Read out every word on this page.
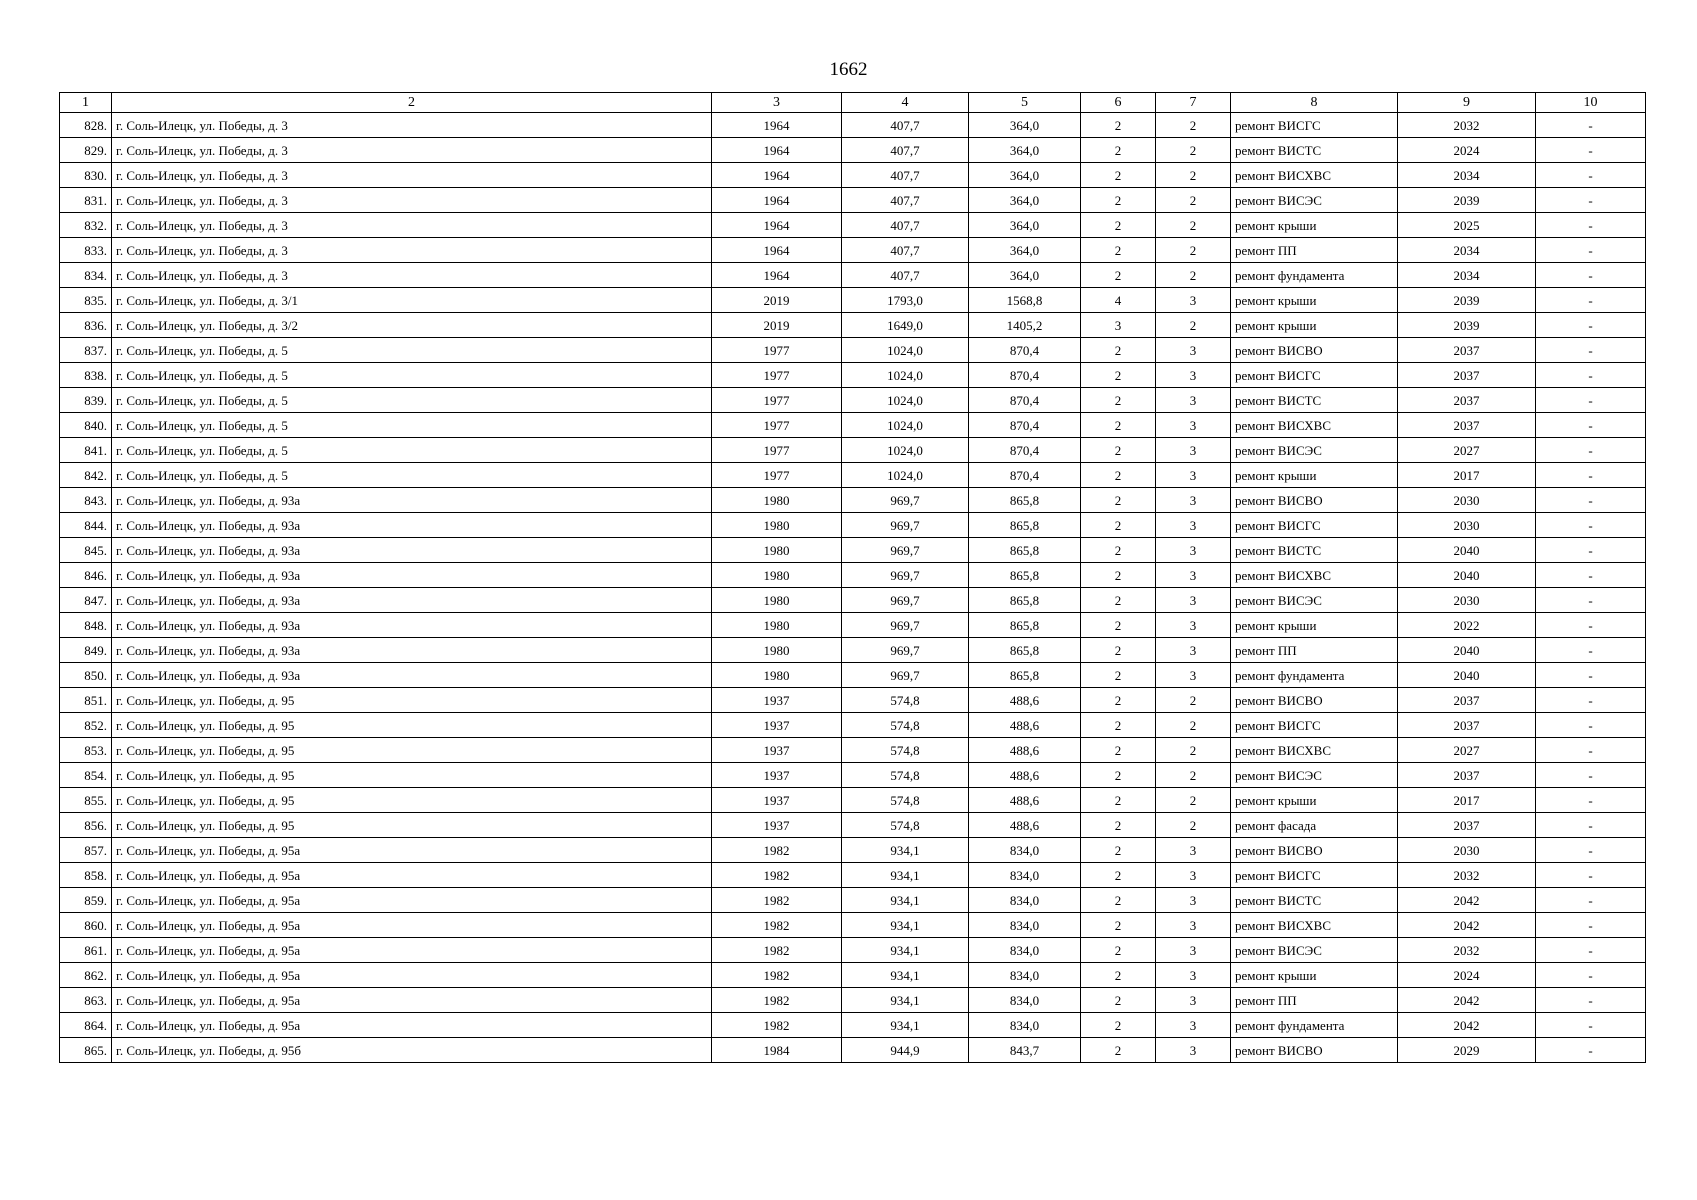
1662
1	2	3	4	5	6	7	8	9	10
828.	г. Соль-Илецк, ул. Победы, д. 3	1964	407,7	364,0	2	2	ремонт ВИСГС	2032	-
829.	г. Соль-Илецк, ул. Победы, д. 3	1964	407,7	364,0	2	2	ремонт ВИСТС	2024	-
830.	г. Соль-Илецк, ул. Победы, д. 3	1964	407,7	364,0	2	2	ремонт ВИСХВС	2034	-
831.	г. Соль-Илецк, ул. Победы, д. 3	1964	407,7	364,0	2	2	ремонт ВИСЭС	2039	-
832.	г. Соль-Илецк, ул. Победы, д. 3	1964	407,7	364,0	2	2	ремонт крыши	2025	-
833.	г. Соль-Илецк, ул. Победы, д. 3	1964	407,7	364,0	2	2	ремонт ПП	2034	-
834.	г. Соль-Илецк, ул. Победы, д. 3	1964	407,7	364,0	2	2	ремонт фундамента	2034	-
835.	г. Соль-Илецк, ул. Победы, д. 3/1	2019	1793,0	1568,8	4	3	ремонт крыши	2039	-
836.	г. Соль-Илецк, ул. Победы, д. 3/2	2019	1649,0	1405,2	3	2	ремонт крыши	2039	-
837.	г. Соль-Илецк, ул. Победы, д. 5	1977	1024,0	870,4	2	3	ремонт ВИСВО	2037	-
838.	г. Соль-Илецк, ул. Победы, д. 5	1977	1024,0	870,4	2	3	ремонт ВИСГС	2037	-
839.	г. Соль-Илецк, ул. Победы, д. 5	1977	1024,0	870,4	2	3	ремонт ВИСТС	2037	-
840.	г. Соль-Илецк, ул. Победы, д. 5	1977	1024,0	870,4	2	3	ремонт ВИСХВС	2037	-
841.	г. Соль-Илецк, ул. Победы, д. 5	1977	1024,0	870,4	2	3	ремонт ВИСЭС	2027	-
842.	г. Соль-Илецк, ул. Победы, д. 5	1977	1024,0	870,4	2	3	ремонт крыши	2017	-
843.	г. Соль-Илецк, ул. Победы, д. 93а	1980	969,7	865,8	2	3	ремонт ВИСВО	2030	-
844.	г. Соль-Илецк, ул. Победы, д. 93а	1980	969,7	865,8	2	3	ремонт ВИСГС	2030	-
845.	г. Соль-Илецк, ул. Победы, д. 93а	1980	969,7	865,8	2	3	ремонт ВИСТС	2040	-
846.	г. Соль-Илецк, ул. Победы, д. 93а	1980	969,7	865,8	2	3	ремонт ВИСХВС	2040	-
847.	г. Соль-Илецк, ул. Победы, д. 93а	1980	969,7	865,8	2	3	ремонт ВИСЭС	2030	-
848.	г. Соль-Илецк, ул. Победы, д. 93а	1980	969,7	865,8	2	3	ремонт крыши	2022	-
849.	г. Соль-Илецк, ул. Победы, д. 93а	1980	969,7	865,8	2	3	ремонт ПП	2040	-
850.	г. Соль-Илецк, ул. Победы, д. 93а	1980	969,7	865,8	2	3	ремонт фундамента	2040	-
851.	г. Соль-Илецк, ул. Победы, д. 95	1937	574,8	488,6	2	2	ремонт ВИСВО	2037	-
852.	г. Соль-Илецк, ул. Победы, д. 95	1937	574,8	488,6	2	2	ремонт ВИСГС	2037	-
853.	г. Соль-Илецк, ул. Победы, д. 95	1937	574,8	488,6	2	2	ремонт ВИСХВС	2027	-
854.	г. Соль-Илецк, ул. Победы, д. 95	1937	574,8	488,6	2	2	ремонт ВИСЭС	2037	-
855.	г. Соль-Илецк, ул. Победы, д. 95	1937	574,8	488,6	2	2	ремонт крыши	2017	-
856.	г. Соль-Илецк, ул. Победы, д. 95	1937	574,8	488,6	2	2	ремонт фасада	2037	-
857.	г. Соль-Илецк, ул. Победы, д. 95а	1982	934,1	834,0	2	3	ремонт ВИСВО	2030	-
858.	г. Соль-Илецк, ул. Победы, д. 95а	1982	934,1	834,0	2	3	ремонт ВИСГС	2032	-
859.	г. Соль-Илецк, ул. Победы, д. 95а	1982	934,1	834,0	2	3	ремонт ВИСТС	2042	-
860.	г. Соль-Илецк, ул. Победы, д. 95а	1982	934,1	834,0	2	3	ремонт ВИСХВС	2042	-
861.	г. Соль-Илецк, ул. Победы, д. 95а	1982	934,1	834,0	2	3	ремонт ВИСЭС	2032	-
862.	г. Соль-Илецк, ул. Победы, д. 95а	1982	934,1	834,0	2	3	ремонт крыши	2024	-
863.	г. Соль-Илецк, ул. Победы, д. 95а	1982	934,1	834,0	2	3	ремонт ПП	2042	-
864.	г. Соль-Илецк, ул. Победы, д. 95а	1982	934,1	834,0	2	3	ремонт фундамента	2042	-
865.	г. Соль-Илецк, ул. Победы, д. 95б	1984	944,9	843,7	2	3	ремонт ВИСВО	2029	-
